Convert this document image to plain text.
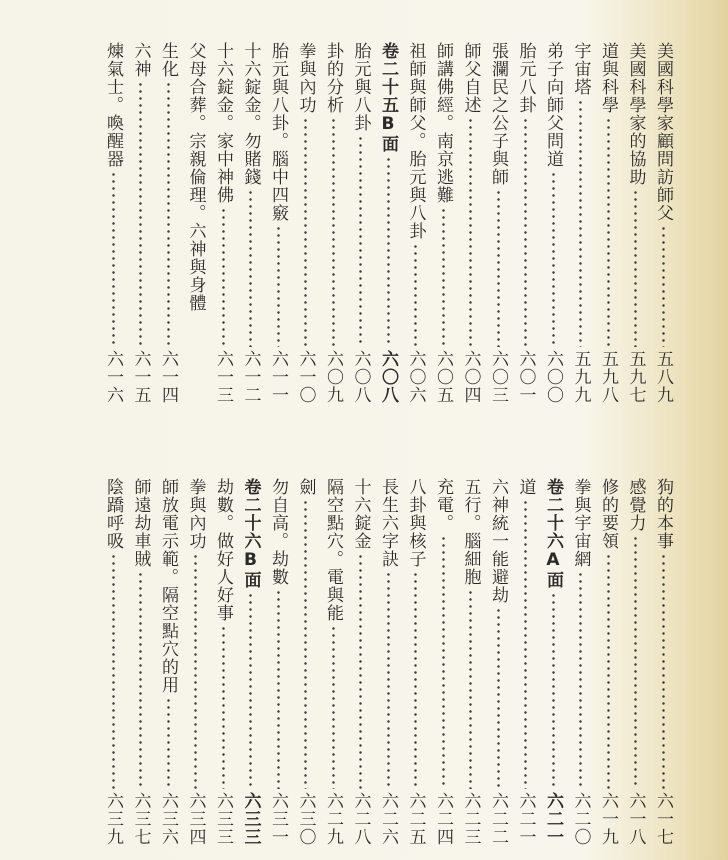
美國科學家顧問訪師父
五八九
美國科學家的協助
五九七
道與科學
五九八
宇宙塔
五九九
弟子向師父問道
六〇〇
胎元八卦
六〇一
張瀾民之公子與師
六〇三
師父自述
六〇四
師講佛經。南京逃難
六〇五
祖師與師父。胎元與八卦
六〇六
卷二十五B面
六〇八
胎元與八卦
六〇八
卦的分析
六〇九
拳與內功
六一〇
胎元與八卦。腦中四竅
六一一
十六錠金。勿賭錢
六一二
十六錠金。家中神佛
六一三
父母合葬。宗親倫理。六神與身體
生化
六一四
六神
六一五
煉氣士。喚醒器
六一六
狗的本事
六一七
感覺力
六一八
修的要領
六一九
拳與宇宙網
六二〇
卷二十六A面
六二一
道
六二一
六神統一能避劫
六二二
五行。腦細胞
六二三
充電。
六二四
八卦與核子
六二五
長生六字訣
六二六
十六錠金
六二八
隔空點穴。電與能
六二九
劍
六三〇
勿自高。劫數
六三一
卷二十六B面
六三三
劫數。做好人好事
六三三
拳與內功
六三四
師放電示範。隔空點穴的用
六三六
師遠劫車賊
六三七
陰蹻呼吸
六三九
